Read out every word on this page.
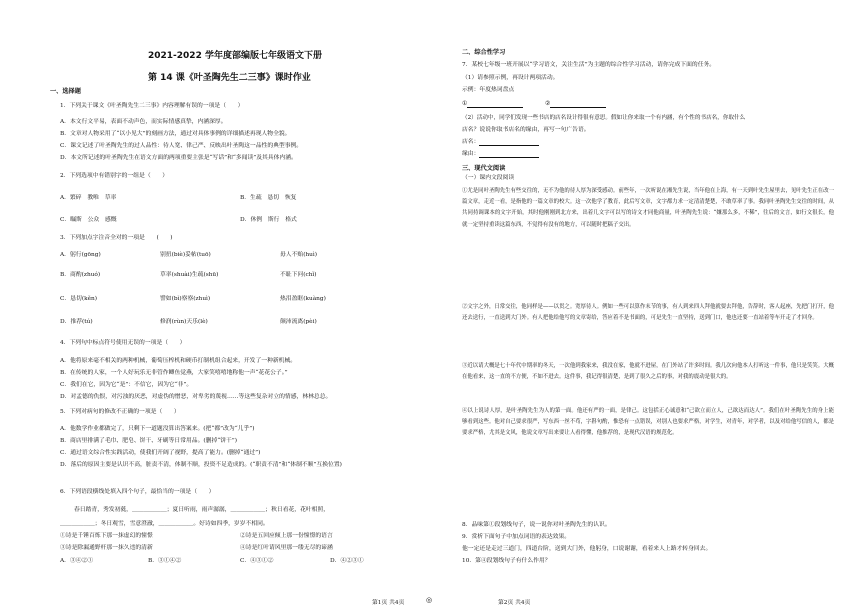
2021-2022 学年度部编版七年级语文下册
第 14 课《叶圣陶先生二三事》课时作业
一、选择题
1．下列关于课文《叶圣陶先生二三事》内容理解有误的一项是（　　）
A．本文行文平易，表面不动声色，而实际情感真挚，内涵深厚。
B．文章对人物采用了“以小见大”的刻画方法，通过对具体事例的详细描述再现人物全貌。
C．课文记述了叶圣陶先生的过人品性：待人宽、律己严、反映出叶圣陶这一品性的典型事例。
D．本文所记述的叶圣陶先生在语文方面的两项重要主张是“写话”和“多闻读”及其具体内涵。
2．下列选项中有错别字的一组是（　　）
A．繁碎　教唯　草率	B．生疏　恳切　恢复
C．瞩斯　公众　感慨	D．休例　斯行　格式
3．下列加点字注音全对的一项是　　(　　)
A．躬行(gōng)	别扭(biè)妥帖(tuō)	毋人不贻(huì)
B．商酌(zhuó)	草率(shuài)生疏(shū)	不耻下问(chǐ)
C．恳切(kěn)	譬如(bì)察察(zhuì)	热泪盈眶(kuàng)
D．推荐(tú)	修润(rùn)天乐(lè)	颠沛流离(pèi)
4．下列句中标点符号使用无误的一项是（　　）
A．他将原来毫不相关的两种机械，葡萄压榨机和硬币打制机组合起来，开发了一种新机械。
B．在传统的人家，一个人好玩乐无非管作鲫鱼觉燕，大家笑嘻嘻地称他一声“花花公子。”
C．我们在它，因为它“是”：不信它，因为它“非”。
D．对孟德的仇恨，对污浊的厌恶，对虚伪的憎恶，对卑劣的蔑视……等这些复杂对立的情感，林林总总。
5．下列对病句的修改不正确的一项是（　　）
A．他数学作业都做完了，只剩下一道题没算出答案来。(把“都”改为“儿乎”)
B．商店里排满了毛巾、肥皂、饼干、牙刷等日常用品。(删掉“饼干”)
C．通过语文综合性实践活动，使我们开阔了视野，提高了能力。(删掉“通过”)
D．落后的原因主要是认识不高，脏责不清，体制不顺，投资不足造成的。(“职责不清”和“体制不顺”互换位置)
6．下列语段横线处填入四个句子，最恰当的一项是（　　）
春日踏青，秀发初蕤，＿＿＿＿＿＿；夏日听雨，雨声潺潺，＿＿＿＿＿＿；秋日看花，花叶相照，
＿＿＿＿＿＿；冬日观雪，雪意澄澈，＿＿＿＿＿＿。好诗如四季，岁岁不相同。
①诗是千锤百炼下那一抹虚幻的憧憬	②诗是五回应倾上那一份憧憬的语言
③诗是除漏通野杆那一抹久违的清新	④诗是红叶请风里那一缕无尽的谛涵
A．③④②①	B．③①④②	C．④③①②	D．④②③①
第1页 共4页
二、综合性学习
7．某校七年级一班开展以“学习语文，关注生活”为主题的综合性学习活动，请你完成下面的任务。
（1）请参照示例，再设计两项活动。
示例：年度热词盘点
①	②
（2）活动中，同学们发现一些书店的店名设计得很有意思。假如让你来取一个有内涵，有个性的书店名，你取什么
店名？说说你取书店名的缘由，再写一句广告语。
店名：
缘由：
三、现代文阅读
（一）课内文段阅读
①尤是同叶圣陶先生有些交往的，无不为他的待人厚为深受感动。前些年，一次听说在湘先生说，当年他在上海，有一天到叶先生屋里去，见叶先生正在改一篇文章，走近一看，是指他的一篇文章的校大。这一次他学了教育，此后写文章，文字都力求一定清清楚楚，不敢草率了事。我同叶圣陶先生交往的时间，从共同持调课本的文字开始，其时他刚刚到北方来，出着几文字可以写的诗文才同他商量，叶圣陶先生说：“嫌那么多，不稀”，往后的文言，如行文很长，他就一定坚持重读这篇东西，不觉得有没有的地方，可以随时把稿子交出。
②文字之外，日常交往，他同样是——以贯之。宽厚待人。例如一些可以算作末节的事，有人到来四人拜他就要去拜他，告辞时，客人起座，先把门打开，他还去送行，一直送到大门外。有人把他给他写的文章寄给，答应着不是书面的，可是先生一直坚持，送到门口，他也还要一直站着等车开走了才回身。
③近以请大概是七十年代中期率的冬天，一次他到我家来，我没在家，他就不进屋，在门外站了许多时间。我几次向他本人打听这一件事，他只是笑笑。大概在他看来，这一直的不方便，不如不进去。这件事，我记得很清楚，是到了很久之后的事，对我的震动是很大的。
④以上说诗人厚，是叶圣陶先生为人的第一面。他还有严的一面，是律己。这包括正心诚意和“己欲立而立人，己欲达而达人”。我们在叶圣陶先生的身上能够看到这些。他对自己要求很严，写东西一丝不苟，字斟句酌，惟恐有一点错误，对别人也要求严格，对学生，对青年，对学者，以及对给他写信的人，都是要求严格，尤其是文风，他说文章写出来要让人看得懂，他推荐的，是现代汉语的规范化。
8．品味第①段划线句子，说一说你对叶圣陶先生的认识。
9．赏析下面句子中加点词语的表达效果。
他一定还是走过三道门，四道台阶，送到大门外，他躬身，口说谢谢，看着来人上路才转身回去。
10．第④段划线句子有什么作用？
第2页 共4页
◎
